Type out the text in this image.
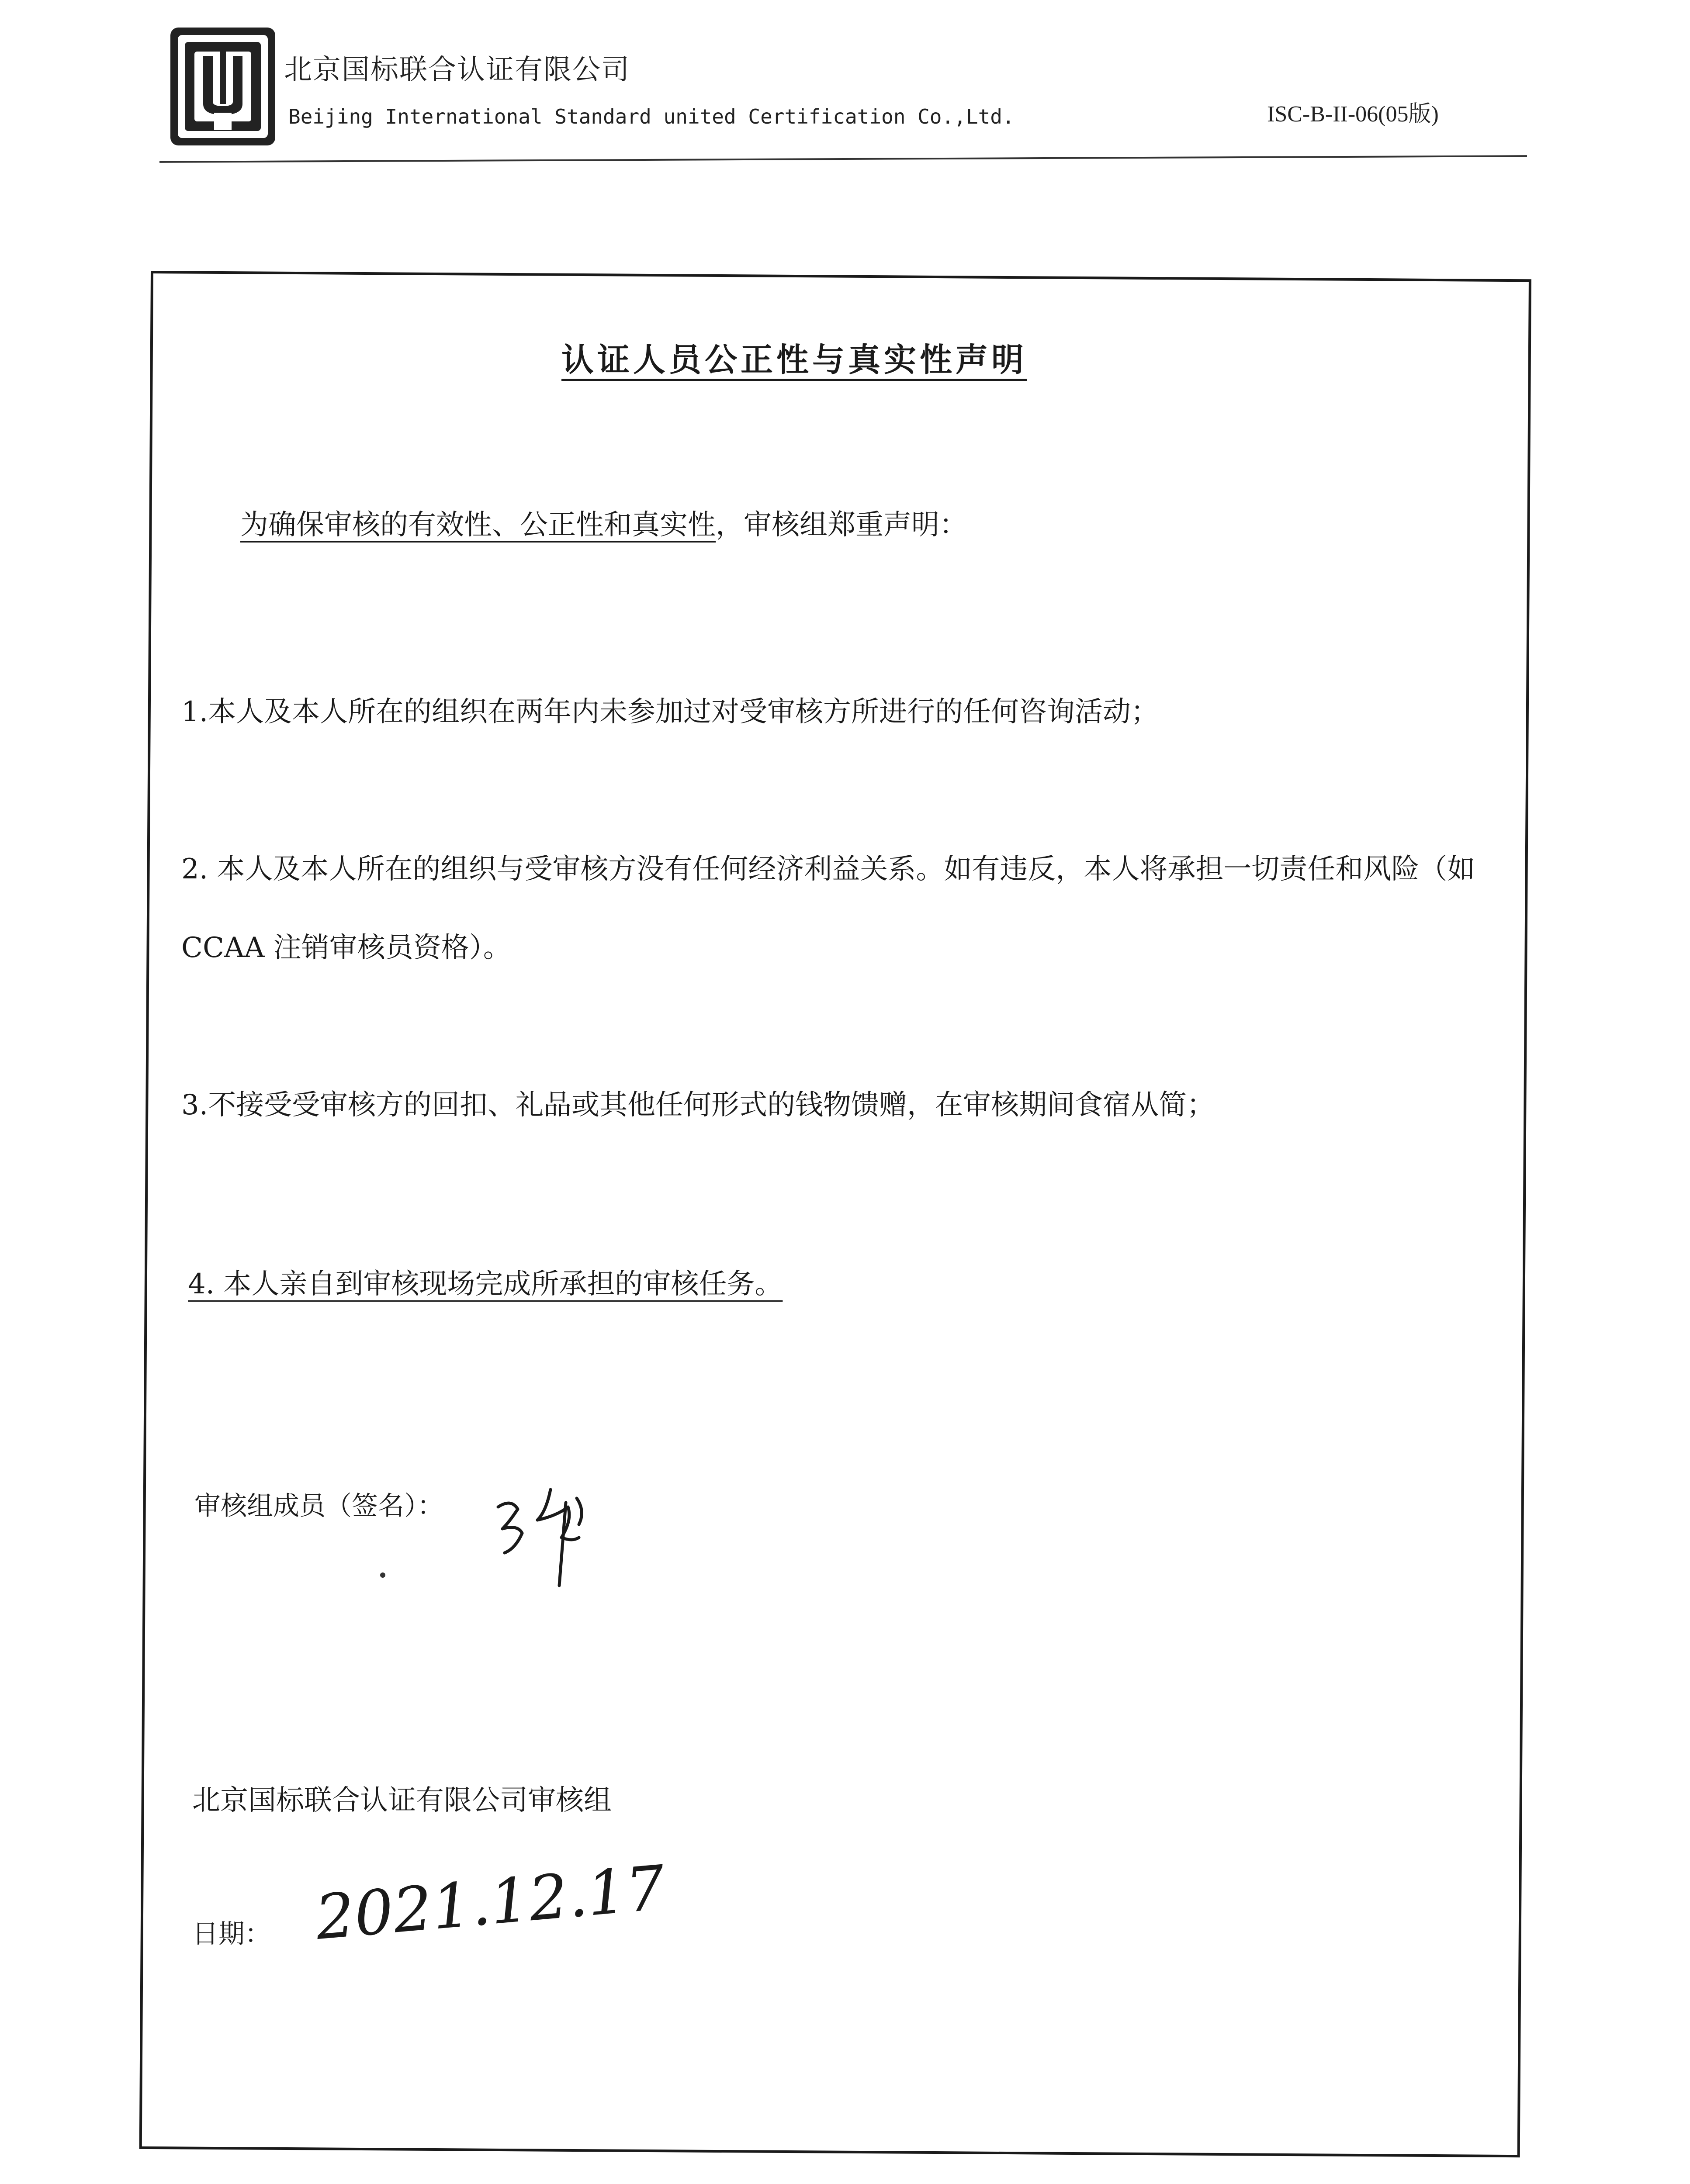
北京国标联合认证有限公司
Beijing International Standard united Certification Co.,Ltd.	ISC-B-II-06(05版)
认证人员公正性与真实性声明
为确保审核的有效性、公正性和真实性，审核组郑重声明：
1.本人及本人所在的组织在两年内未参加过对受审核方所进行的任何咨询活动；
2. 本人及本人所在的组织与受审核方没有任何经济利益关系。如有违反，本人将承担一切责任和风险（如 CCAA 注销审核员资格）。
3.不接受受审核方的回扣、礼品或其他任何形式的钱物馈赠，在审核期间食宿从简；
4. 本人亲自到审核现场完成所承担的审核任务。
审核组成员（签名）：
北京国标联合认证有限公司审核组
日期： 2021.12.17
